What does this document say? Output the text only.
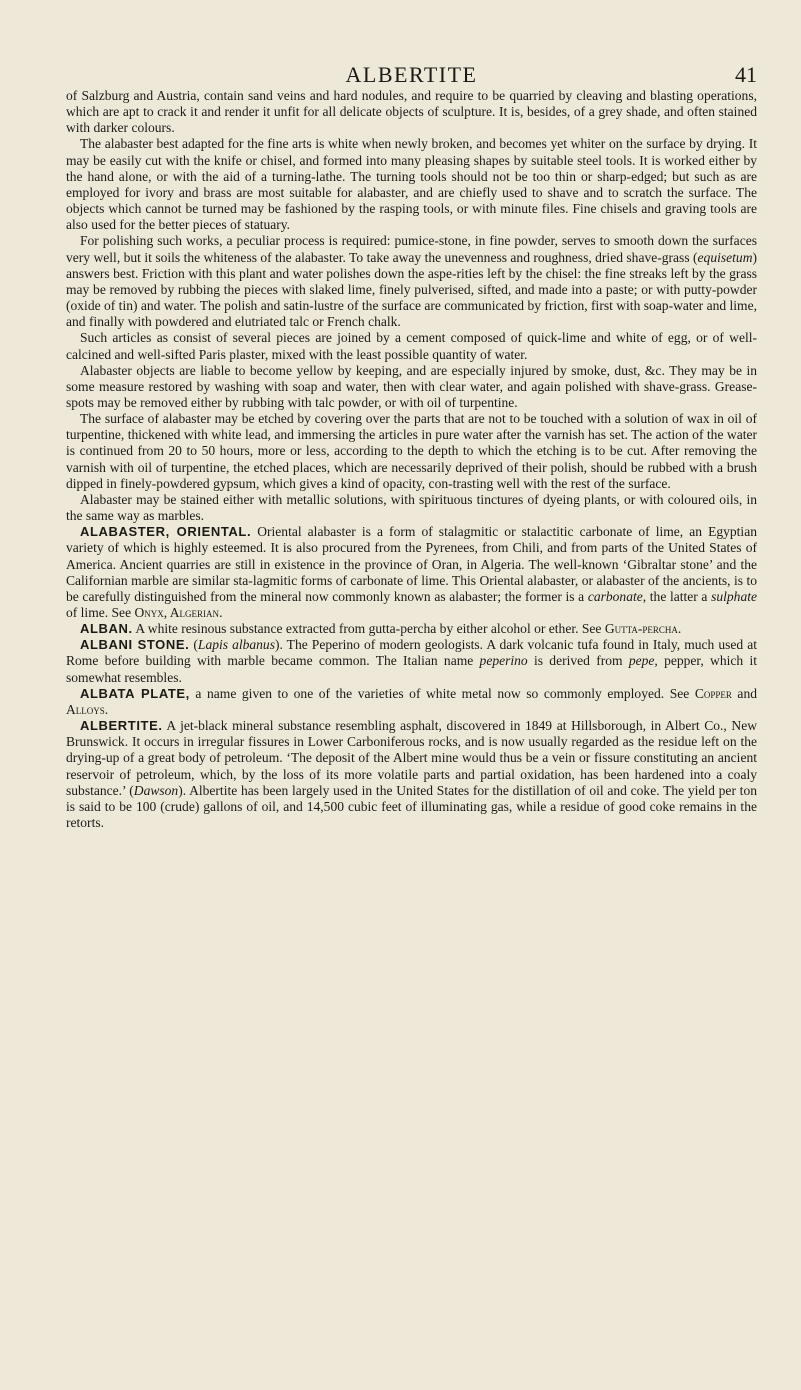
ALBERTITE	41

of Salzburg and Austria, contain sand veins and hard nodules, and require to be quarried by cleaving and blasting operations, which are apt to crack it and render it unfit for all delicate objects of sculpture. It is, besides, of a grey shade, and often stained with darker colours.

The alabaster best adapted for the fine arts is white when newly broken, and becomes yet whiter on the surface by drying. It may be easily cut with the knife or chisel, and formed into many pleasing shapes by suitable steel tools. It is worked either by the hand alone, or with the aid of a turning-lathe. The turning tools should not be too thin or sharp-edged; but such as are employed for ivory and brass are most suitable for alabaster, and are chiefly used to shave and to scratch the surface. The objects which cannot be turned may be fashioned by the rasping tools, or with minute files. Fine chisels and graving tools are also used for the better pieces of statuary.

For polishing such works, a peculiar process is required: pumice-stone, in fine powder, serves to smooth down the surfaces very well, but it soils the whiteness of the alabaster. To take away the unevenness and roughness, dried shave-grass (equisetum) answers best. Friction with this plant and water polishes down the aspe-rities left by the chisel: the fine streaks left by the grass may be removed by rubbing the pieces with slaked lime, finely pulverised, sifted, and made into a paste; or with putty-powder (oxide of tin) and water. The polish and satin-lustre of the surface are communicated by friction, first with soap-water and lime, and finally with powdered and elutriated talc or French chalk.

Such articles as consist of several pieces are joined by a cement composed of quick-lime and white of egg, or of well-calcined and well-sifted Paris plaster, mixed with the least possible quantity of water.

Alabaster objects are liable to become yellow by keeping, and are especially injured by smoke, dust, &c. They may be in some measure restored by washing with soap and water, then with clear water, and again polished with shave-grass. Grease-spots may be removed either by rubbing with talc powder, or with oil of turpentine.

The surface of alabaster may be etched by covering over the parts that are not to be touched with a solution of wax in oil of turpentine, thickened with white lead, and immersing the articles in pure water after the varnish has set. The action of the water is continued from 20 to 50 hours, more or less, according to the depth to which the etching is to be cut. After removing the varnish with oil of turpentine, the etched places, which are necessarily deprived of their polish, should be rubbed with a brush dipped in finely-powdered gypsum, which gives a kind of opacity, con-trasting well with the rest of the surface.

Alabaster may be stained either with metallic solutions, with spirituous tinctures of dyeing plants, or with coloured oils, in the same way as marbles.

ALABASTER, ORIENTAL. Oriental alabaster is a form of stalagmitic or stalactitic carbonate of lime, an Egyptian variety of which is highly esteemed. It is also procured from the Pyrenees, from Chili, and from parts of the United States of America. Ancient quarries are still in existence in the province of Oran, in Algeria. The well-known ‘Gibraltar stone’ and the Californian marble are similar sta-lagmitic forms of carbonate of lime. This Oriental alabaster, or alabaster of the ancients, is to be carefully distinguished from the mineral now commonly known as alabaster; the former is a carbonate, the latter a sulphate of lime. See Onyx, Algerian.

ALBAN. A white resinous substance extracted from gutta-percha by either alcohol or ether. See Gutta-percha.

ALBANI STONE. (Lapis albanus). The Peperino of modern geologists. A dark volcanic tufa found in Italy, much used at Rome before building with marble became common. The Italian name peperino is derived from pepe, pepper, which it somewhat resembles.

ALBATA PLATE, a name given to one of the varieties of white metal now so commonly employed. See Copper and Alloys.

ALBERTITE. A jet-black mineral substance resembling asphalt, discovered in 1849 at Hillsborough, in Albert Co., New Brunswick. It occurs in irregular fissures in Lower Carboniferous rocks, and is now usually regarded as the residue left on the drying-up of a great body of petroleum. ‘The deposit of the Albert mine would thus be a vein or fissure constituting an ancient reservoir of petroleum, which, by the loss of its more volatile parts and partial oxidation, has been hardened into a coaly substance.’ (Dawson). Albertite has been largely used in the United States for the distillation of oil and coke. The yield per ton is said to be 100 (crude) gallons of oil, and 14,500 cubic feet of illuminating gas, while a residue of good coke remains in the retorts.
